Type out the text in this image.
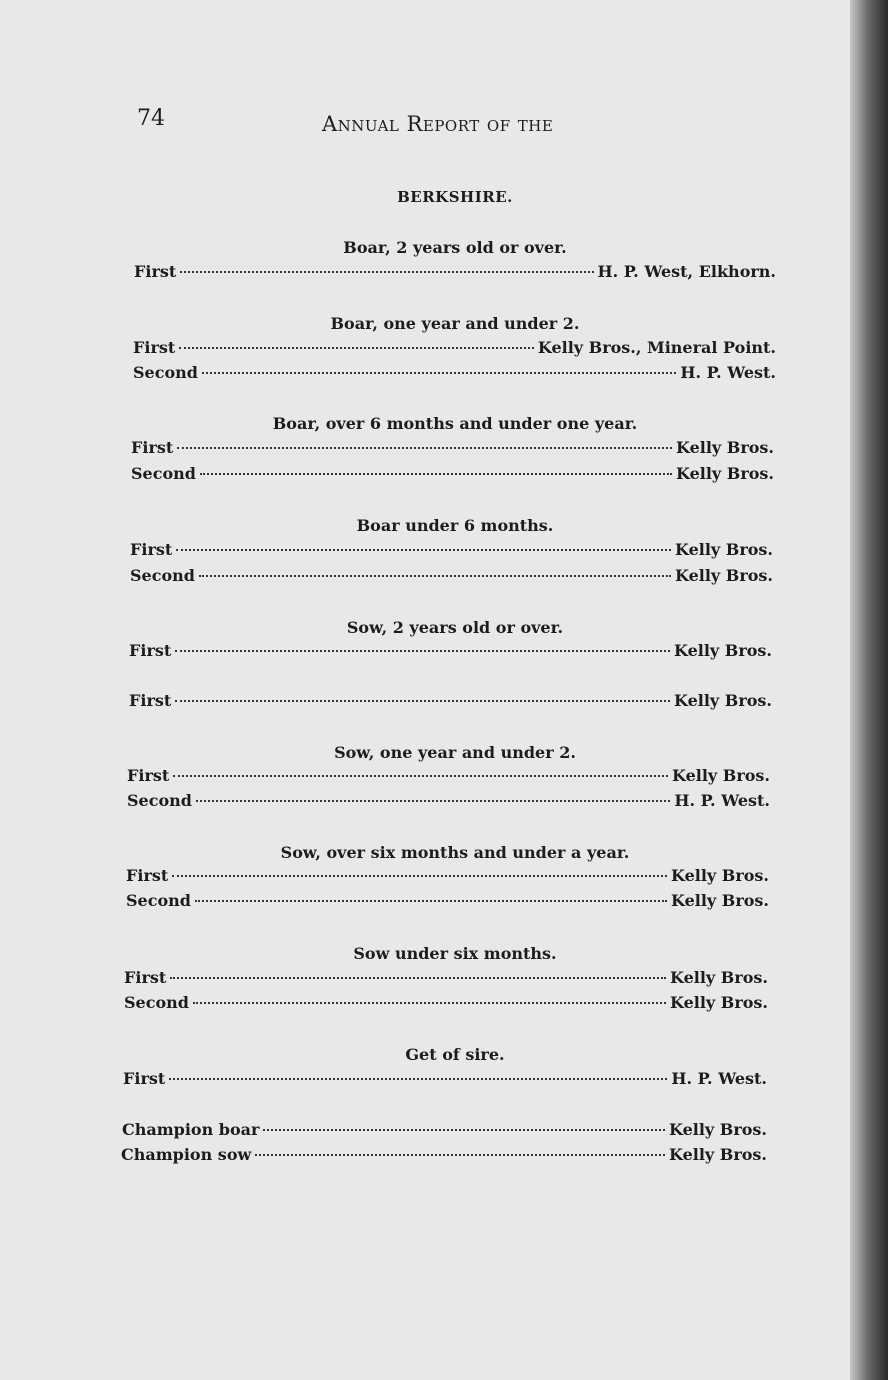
74	Annual Report of the
BERKSHIRE.
Boar, 2 years old or over.
First	H. P. West, Elkhorn.
Boar, one year and under 2.
First	Kelly Bros., Mineral Point.
Second	H. P. West.
Boar, over 6 months and under one year.
First	Kelly Bros.
Second	Kelly Bros.
Boar under 6 months.
First	Kelly Bros.
Second	Kelly Bros.
Sow, 2 years old or over.
First	Kelly Bros.
First	Kelly Bros.
Sow, one year and under 2.
First	Kelly Bros.
Second	H. P. West.
Sow, over six months and under a year.
First	Kelly Bros.
Second	Kelly Bros.
Sow under six months.
First	Kelly Bros.
Second	Kelly Bros.
Get of sire.
First	H. P. West.
Champion boar	Kelly Bros.
Champion sow	Kelly Bros.
